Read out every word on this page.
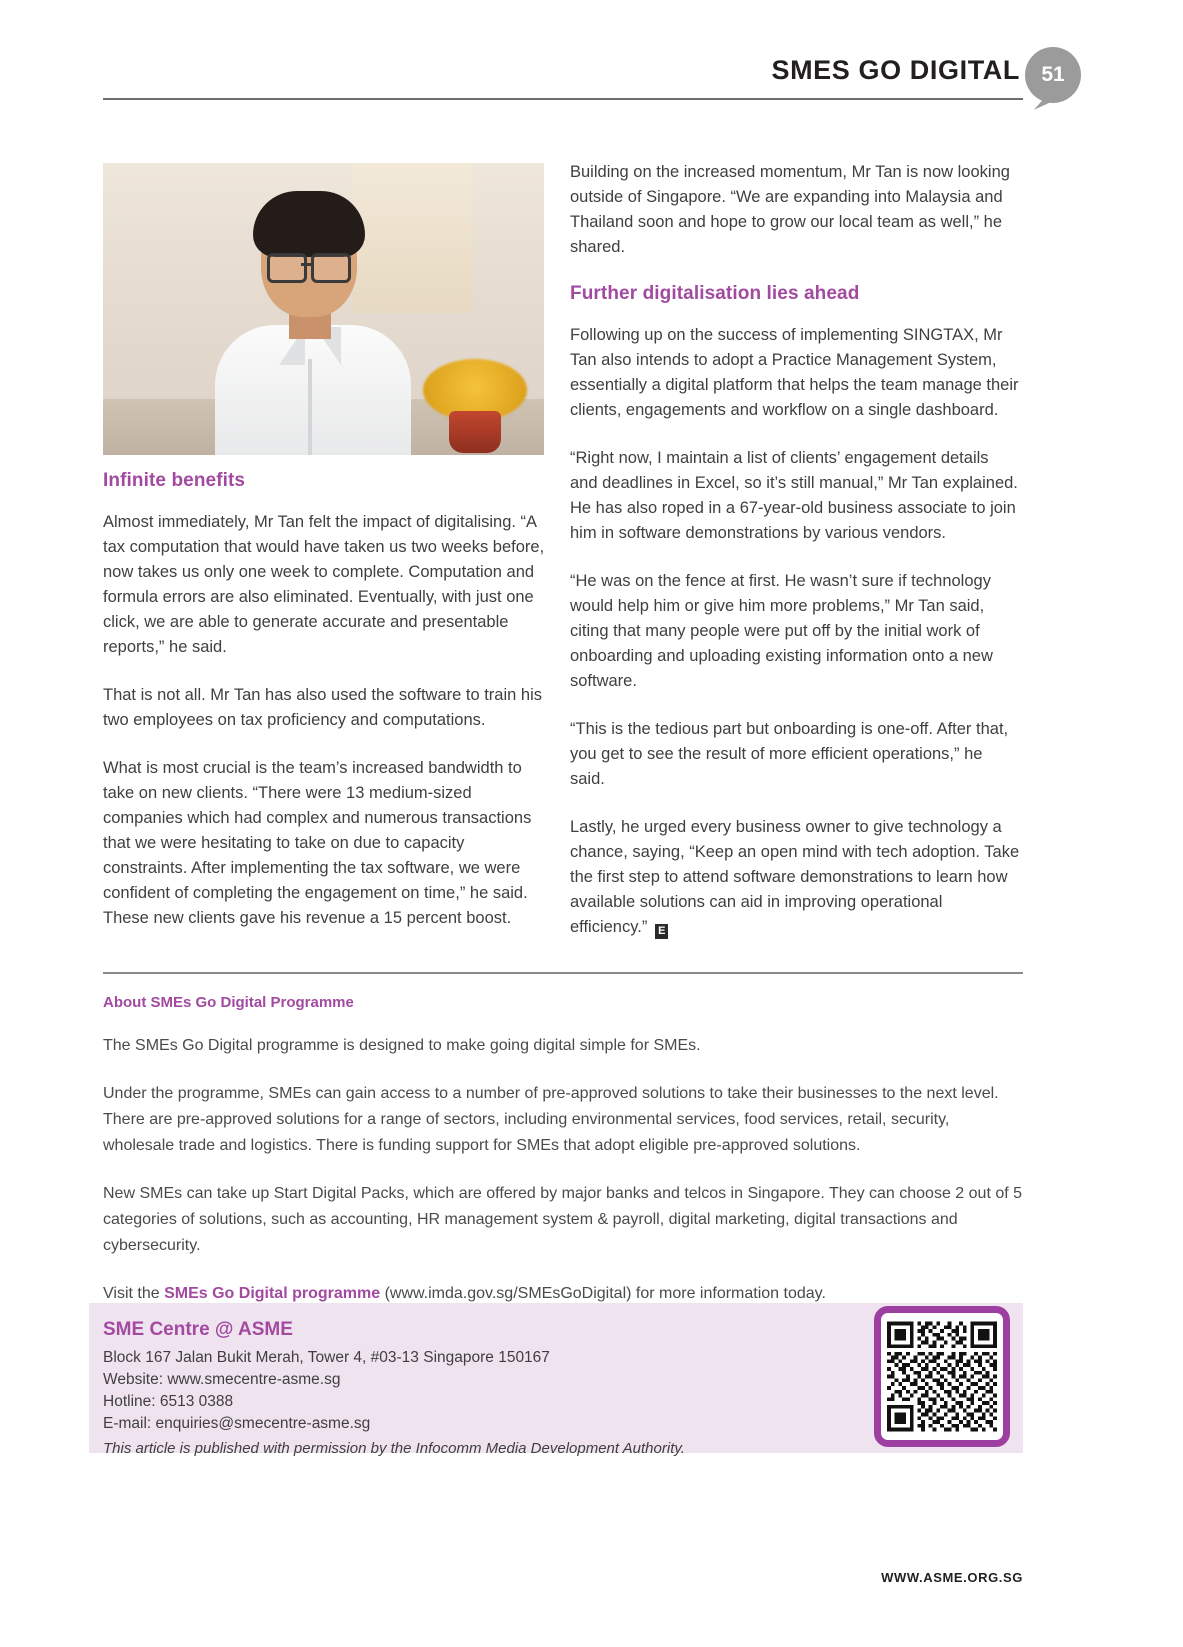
SMES GO DIGITAL	51
Infinite benefits

Almost immediately, Mr Tan felt the impact of digitalising. “A tax computation that would have taken us two weeks before, now takes us only one week to complete. Computation and formula errors are also eliminated. Eventually, with just one click, we are able to generate accurate and presentable reports,” he said.

That is not all. Mr Tan has also used the software to train his two employees on tax proficiency and computations.

What is most crucial is the team’s increased bandwidth to take on new clients. “There were 13 medium-sized companies which had complex and numerous transactions that we were hesitating to take on due to capacity constraints. After implementing the tax software, we were confident of completing the engagement on time,” he said. These new clients gave his revenue a 15 percent boost.

Building on the increased momentum, Mr Tan is now looking outside of Singapore. “We are expanding into Malaysia and Thailand soon and hope to grow our local team as well,” he shared.

Further digitalisation lies ahead

Following up on the success of implementing SINGTAX, Mr Tan also intends to adopt a Practice Management System, essentially a digital platform that helps the team manage their clients, engagements and workflow on a single dashboard.

“Right now, I maintain a list of clients’ engagement details and deadlines in Excel, so it’s still manual,” Mr Tan explained. He has also roped in a 67-year-old business associate to join him in software demonstrations by various vendors.

“He was on the fence at first. He wasn’t sure if technology would help him or give him more problems,” Mr Tan said, citing that many people were put off by the initial work of onboarding and uploading existing information onto a new software.

“This is the tedious part but onboarding is one-off. After that, you get to see the result of more efficient operations,” he said.

Lastly, he urged every business owner to give technology a chance, saying, “Keep an open mind with tech adoption. Take the first step to attend software demonstrations to learn how available solutions can aid in improving operational efficiency.” E

About SMEs Go Digital Programme

The SMEs Go Digital programme is designed to make going digital simple for SMEs.

Under the programme, SMEs can gain access to a number of pre-approved solutions to take their businesses to the next level. There are pre-approved solutions for a range of sectors, including environmental services, food services, retail, security, wholesale trade and logistics. There is funding support for SMEs that adopt eligible pre-approved solutions.

New SMEs can take up Start Digital Packs, which are offered by major banks and telcos in Singapore. They can choose 2 out of 5 categories of solutions, such as accounting, HR management system & payroll, digital marketing, digital transactions and cybersecurity.

Visit the SMEs Go Digital programme (www.imda.gov.sg/SMEsGoDigital) for more information today.

SME Centre @ ASME
Block 167 Jalan Bukit Merah, Tower 4, #03-13 Singapore 150167
Website: www.smecentre-asme.sg
Hotline: 6513 0388
E-mail: enquiries@smecentre-asme.sg
This article is published with permission by the Infocomm Media Development Authority.
WWW.ASME.ORG.SG
